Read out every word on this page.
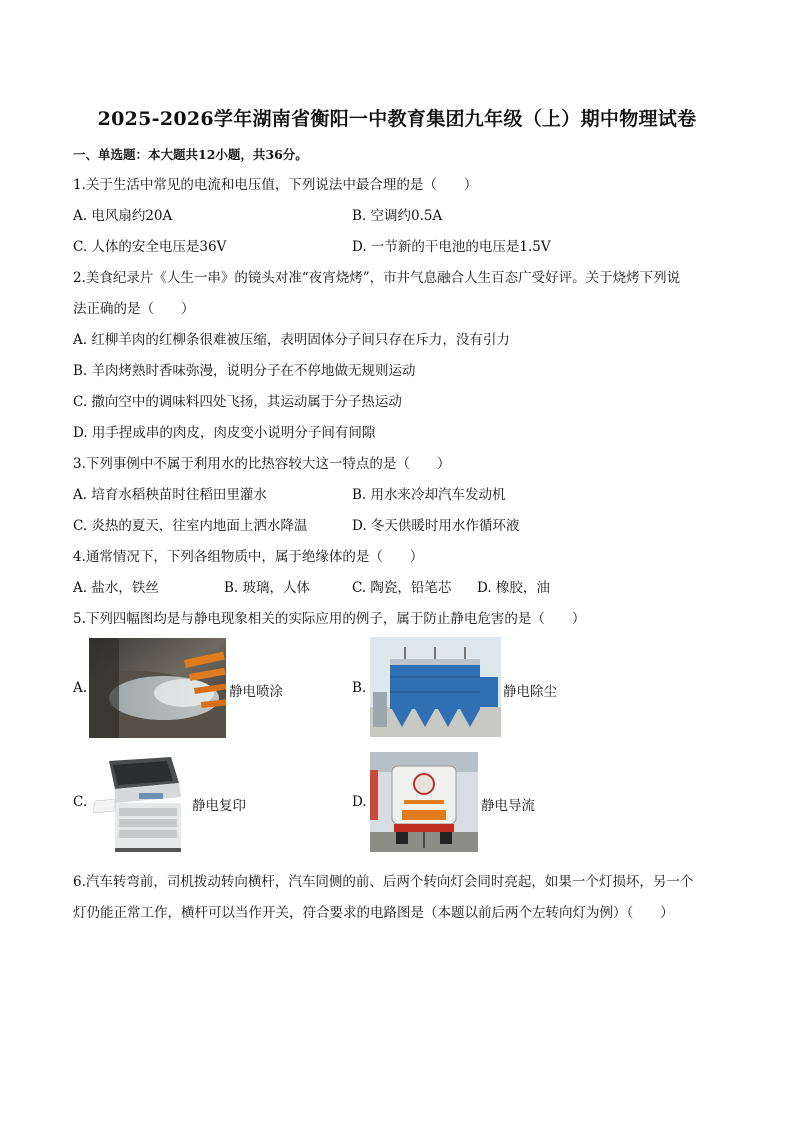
2025-2026学年湖南省衡阳一中教育集团九年级（上）期中物理试卷
一、单选题：本大题共12小题，共36分。
1.关于生活中常见的电流和电压值，下列说法中最合理的是（　　）
A. 电风扇约20A	B. 空调约0.5A
C. 人体的安全电压是36V	D. 一节新的干电池的电压是1.5V
2.美食纪录片《人生一串》的镜头对准“夜宵烧烤”，市井气息融合人生百态广受好评。关于烧烤下列说
法正确的是（　　）
A. 红柳羊肉的红柳条很难被压缩，表明固体分子间只存在斥力，没有引力
B. 羊肉烤熟时香味弥漫，说明分子在不停地做无规则运动
C. 撒向空中的调味料四处飞扬，其运动属于分子热运动
D. 用手捏成串的肉皮，肉皮变小说明分子间有间隙
3.下列事例中不属于利用水的比热容较大这一特点的是（　　）
A. 培育水稻秧苗时往稻田里灌水	B. 用水来冷却汽车发动机
C. 炎热的夏天，往室内地面上洒水降温	D. 冬天供暖时用水作循环液
4.通常情况下，下列各组物质中，属于绝缘体的是（　　）
A. 盐水，铁丝	B. 玻璃，人体	C. 陶瓷，铅笔芯 D. 橡胶，油
5.下列四幅图均是与静电现象相关的实际应用的例子，属于防止静电危害的是（　　）
A.	静电喷涂	B.	静电除尘
C.	静电复印	D.	静电导流
6.汽车转弯前，司机拨动转向横杆，汽车同侧的前、后两个转向灯会同时亮起，如果一个灯损坏，另一个
灯仍能正常工作，横杆可以当作开关，符合要求的电路图是（本题以前后两个左转向灯为例）（　　）
